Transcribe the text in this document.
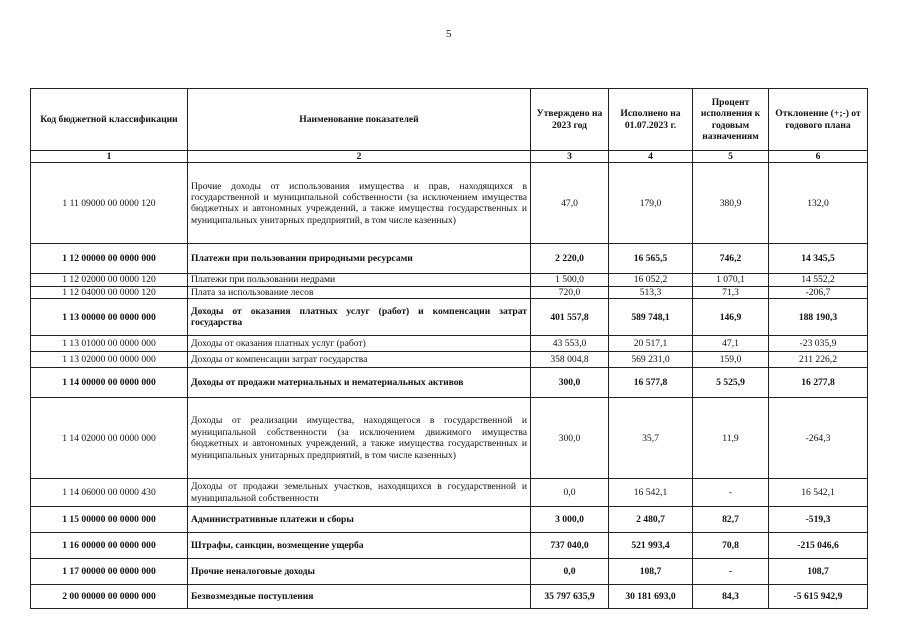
5
Код бюджетной классификации	Наименование показателей	Утверждено на 2023 год	Исполнено на 01.07.2023 г.	Процент исполнения к годовым назначениям	Отклонение (+;-) от годового плана
1	2	3	4	5	6
1 11 09000 00 0000 120	Прочие доходы от использования имущества и прав, находящихся в государственной и муниципальной собственности (за исключением имущества бюджетных и автономных учреждений, а также имущества государственных и муниципальных унитарных предприятий, в том числе казенных)	47,0	179,0	380,9	132,0
1 12 00000 00 0000 000	Платежи при пользовании природными ресурсами	2 220,0	16 565,5	746,2	14 345,5
1 12 02000 00 0000 120	Платежи при пользовании недрами	1 500,0	16 052,2	1 070,1	14 552,2
1 12 04000 00 0000 120	Плата за использование лесов	720,0	513,3	71,3	-206,7
1 13 00000 00 0000 000	Доходы от оказания платных услуг (работ) и компенсации затрат государства	401 557,8	589 748,1	146,9	188 190,3
1 13 01000 00 0000 000	Доходы от оказания платных услуг (работ)	43 553,0	20 517,1	47,1	-23 035,9
1 13 02000 00 0000 000	Доходы от компенсации затрат государства	358 004,8	569 231,0	159,0	211 226,2
1 14 00000 00 0000 000	Доходы от продажи материальных и нематериальных активов	300,0	16 577,8	5 525,9	16 277,8
1 14 02000 00 0000 000	Доходы от реализации имущества, находящегося в государственной и муниципальной собственности (за исключением движимого имущества бюджетных и автономных учреждений, а также имущества государственных и муниципальных унитарных предприятий, в том числе казенных)	300,0	35,7	11,9	-264,3
1 14 06000 00 0000 430	Доходы от продажи земельных участков, находящихся в государственной и муниципальной собственности	0,0	16 542,1	-	16 542,1
1 15 00000 00 0000 000	Административные платежи и сборы	3 000,0	2 480,7	82,7	-519,3
1 16 00000 00 0000 000	Штрафы, санкции, возмещение ущерба	737 040,0	521 993,4	70,8	-215 046,6
1 17 00000 00 0000 000	Прочие неналоговые доходы	0,0	108,7	-	108,7
2 00 00000 00 0000 000	Безвозмездные поступления	35 797 635,9	30 181 693,0	84,3	-5 615 942,9
